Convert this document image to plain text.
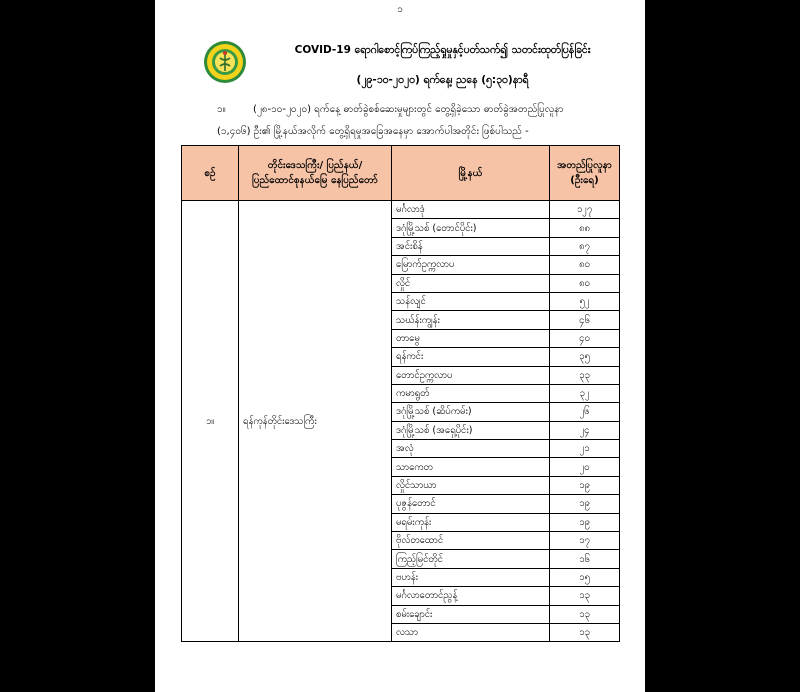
၁
COVID-19 ရောဂါစောင့်ကြပ်ကြည့်ရှုမှုနှင့်ပတ်သက်၍ သတင်းထုတ်ပြန်ခြင်း
(၂၉-၁၀-၂၀၂၀) ရက်နေ့၊ ညနေ (၅:၃၀)နာရီ
၁။	(၂၈-၁၀-၂၀၂၀) ရက်နေ့ ဓာတ်ခွဲစစ်ဆေးမှုများတွင် တွေ့ရှိခဲ့သော ဓာတ်ခွဲအတည်ပြုလူနာ
(၁,၄၀၆) ဦး၏ မြို့နယ်အလိုက် တွေ့ရှိရမှုအခြေအနေမှာ အောက်ပါအတိုင်း ဖြစ်ပါသည် -
စဉ်	တိုင်းဒေသကြီး/ ပြည်နယ်/ ပြည်ထောင်စုနယ်မြေ နေပြည်တော်	မြို့နယ်	အတည်ပြုလူနာ (ဦးရေ)
၁။	ရန်ကုန်တိုင်းဒေသကြီး	မင်္ဂလာဒုံ	၁၂၇
		ဒဂုံမြို့သစ် (တောင်ပိုင်း)	၈၈
		အင်းစိန်	၈၇
		မြောက်ဥက္ကလာပ	၈၀
		လှိုင်	၈၀
		သန်လျင်	၅၂
		သဃ်န်းကျွန်း	၄၆
		တာမွေ	၄၀
		ရန်ကင်း	၃၅
		တောင်ဥက္ကလာပ	၃၃
		ကမာရွတ်	၃၂
		ဒဂုံမြို့သစ် (ဆိပ်ကမ်း)	၂၆
		ဒဂုံမြို့သစ် (အရှေ့ပိုင်း)	၂၄
		အလုံ	၂၁
		သာကေတ	၂၀
		လှိုင်သာယာ	၁၉
		ပုဇွန်တောင်	၁၉
		မရမ်းကုန်း	၁၉
		ဗိုလ်တထောင်	၁၇
		ကြည့်မြင်တိုင်	၁၆
		ဗဟန်း	၁၅
		မင်္ဂလာတောင်ညွန့်	၁၃
		စမ်းချောင်း	၁၃
		လသာ	၁၃
